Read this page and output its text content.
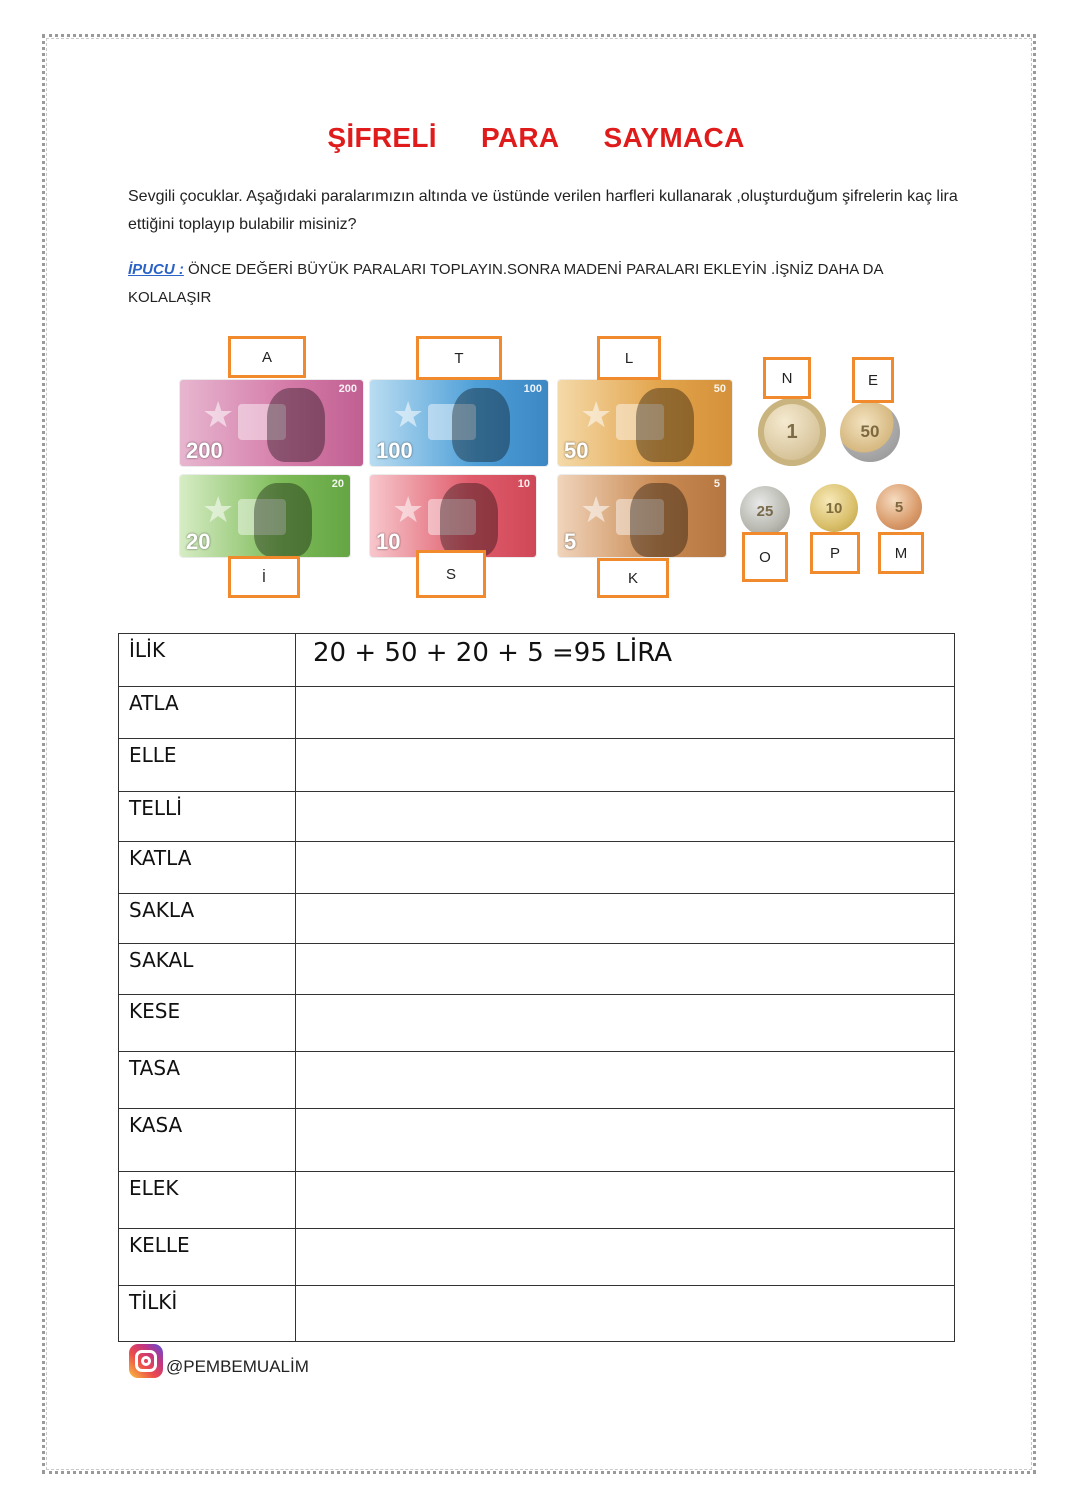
ŞİFRELİ PARA SAYMACA

Sevgili çocuklar. Aşağıdaki paralarımızın altında ve üstünde verilen harfleri kullanarak ,oluşturduğum şifrelerin kaç lira ettiğini toplayıp bulabilir misiniz?

İPUCU : ÖNCE DEĞERİ BÜYÜK PARALARI TOPLAYIN.SONRA MADENİ PARALARI EKLEYİN .İŞNİZ DAHA DA KOLALAŞIR

★
200
200
★
100
100
★
50
50
★
20
20
★
10
10
★
5
5
1	50
25	10	5
A	T	L
İ	S	K
N	E
O	P	M
İLİK	20 + 50 + 20 + 5 =95 LİRA
ATLA	
ELLE	
TELLİ	
KATLA	
SAKLA	
SAKAL	
KESE	
TASA	
KASA	
ELEK	
KELLE	
TİLKİ	
@PEMBEMUALİM
